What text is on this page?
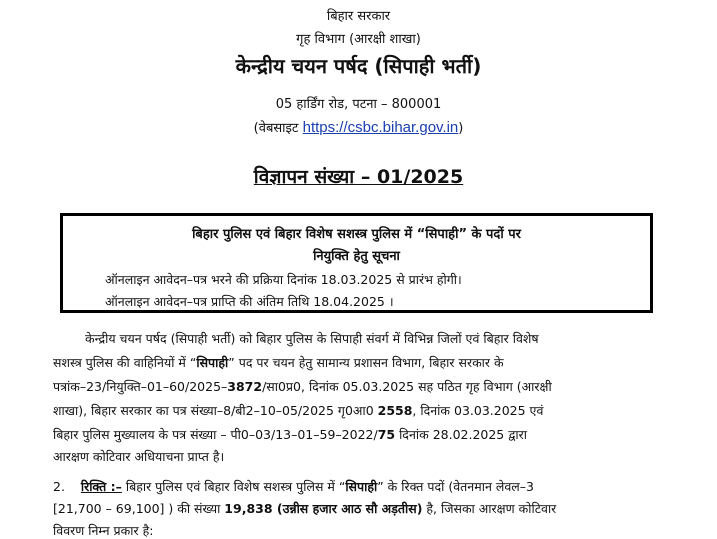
बिहार सरकार
गृह विभाग (आरक्षी शाखा)
केन्द्रीय चयन पर्षद (सिपाही भर्ती)
05 हार्डिंग रोड, पटना – 800001
(वेबसाइट https://csbc.bihar.gov.in)
विज्ञापन संख्या – 01/2025
बिहार पुलिस एवं बिहार विशेष सशस्त्र पुलिस में “सिपाही” के पदों पर
नियुक्ति हेतु सूचना
ऑनलाइन आवेदन–पत्र भरने की प्रक्रिया दिनांक 18.03.2025 से प्रारंभ होगी।
ऑनलाइन आवेदन–पत्र प्राप्ति की अंतिम तिथि 18.04.2025 ।
केन्द्रीय चयन पर्षद (सिपाही भर्ती) को बिहार पुलिस के सिपाही संवर्ग में विभिन्न जिलों एवं बिहार विशेष
सशस्त्र पुलिस की वाहिनियों में “सिपाही” पद पर चयन हेतु सामान्य प्रशासन विभाग, बिहार सरकार के
पत्रांक–23/नियुक्ति–01–60/2025–3872/सा0प्र0, दिनांक 05.03.2025 सह पठित गृह विभाग (आरक्षी
शाखा), बिहार सरकार का पत्र संख्या–8/बी2–10–05/2025 गृ0आ0 2558, दिनांक 03.03.2025 एवं
बिहार पुलिस मुख्यालय के पत्र संख्या – पी0–03/13–01–59–2022/75 दिनांक 28.02.2025 द्वारा
आरक्षण कोटिवार अधियाचना प्राप्त है।
2. रिक्ति :– बिहार पुलिस एवं बिहार विशेष सशस्त्र पुलिस में “सिपाही” के रिक्त पदों (वेतनमान लेवल–3
[21,700 – 69,100] ) की संख्या 19,838 (उन्नीस हजार आठ सौ अड़तीस) है, जिसका आरक्षण कोटिवार
विवरण निम्न प्रकार है:
